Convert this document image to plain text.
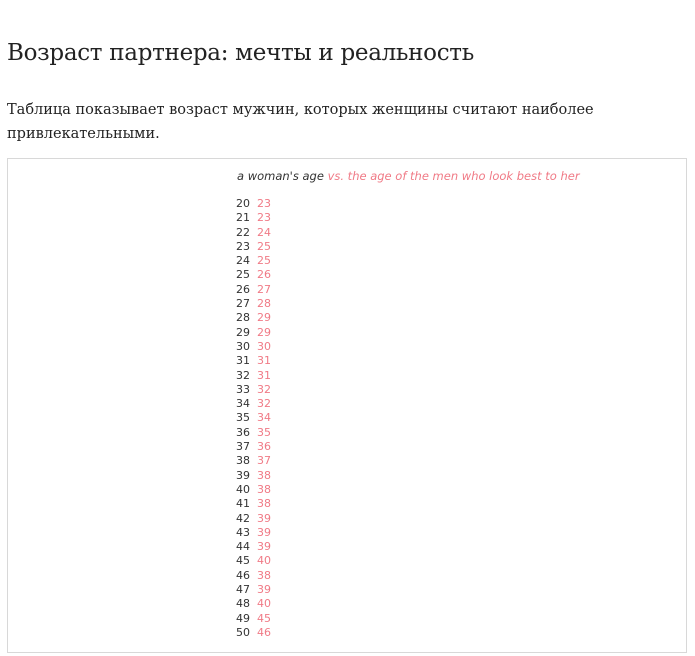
Возраст партнера: мечты и реальность

Таблица показывает возраст мужчин, которых женщины считают наиболее привлекательными.

a woman's age vs. the age of the men who look best to her
20 23
21 23
22 24
23 25
24 25
25 26
26 27
27 28
28 29
29 29
30 30
31 31
32 31
33 32
34 32
35 34
36 35
37 36
38 37
39 38
40 38
41 38
42 39
43 39
44 39
45 40
46 38
47 39
48 40
49 45
50 46
